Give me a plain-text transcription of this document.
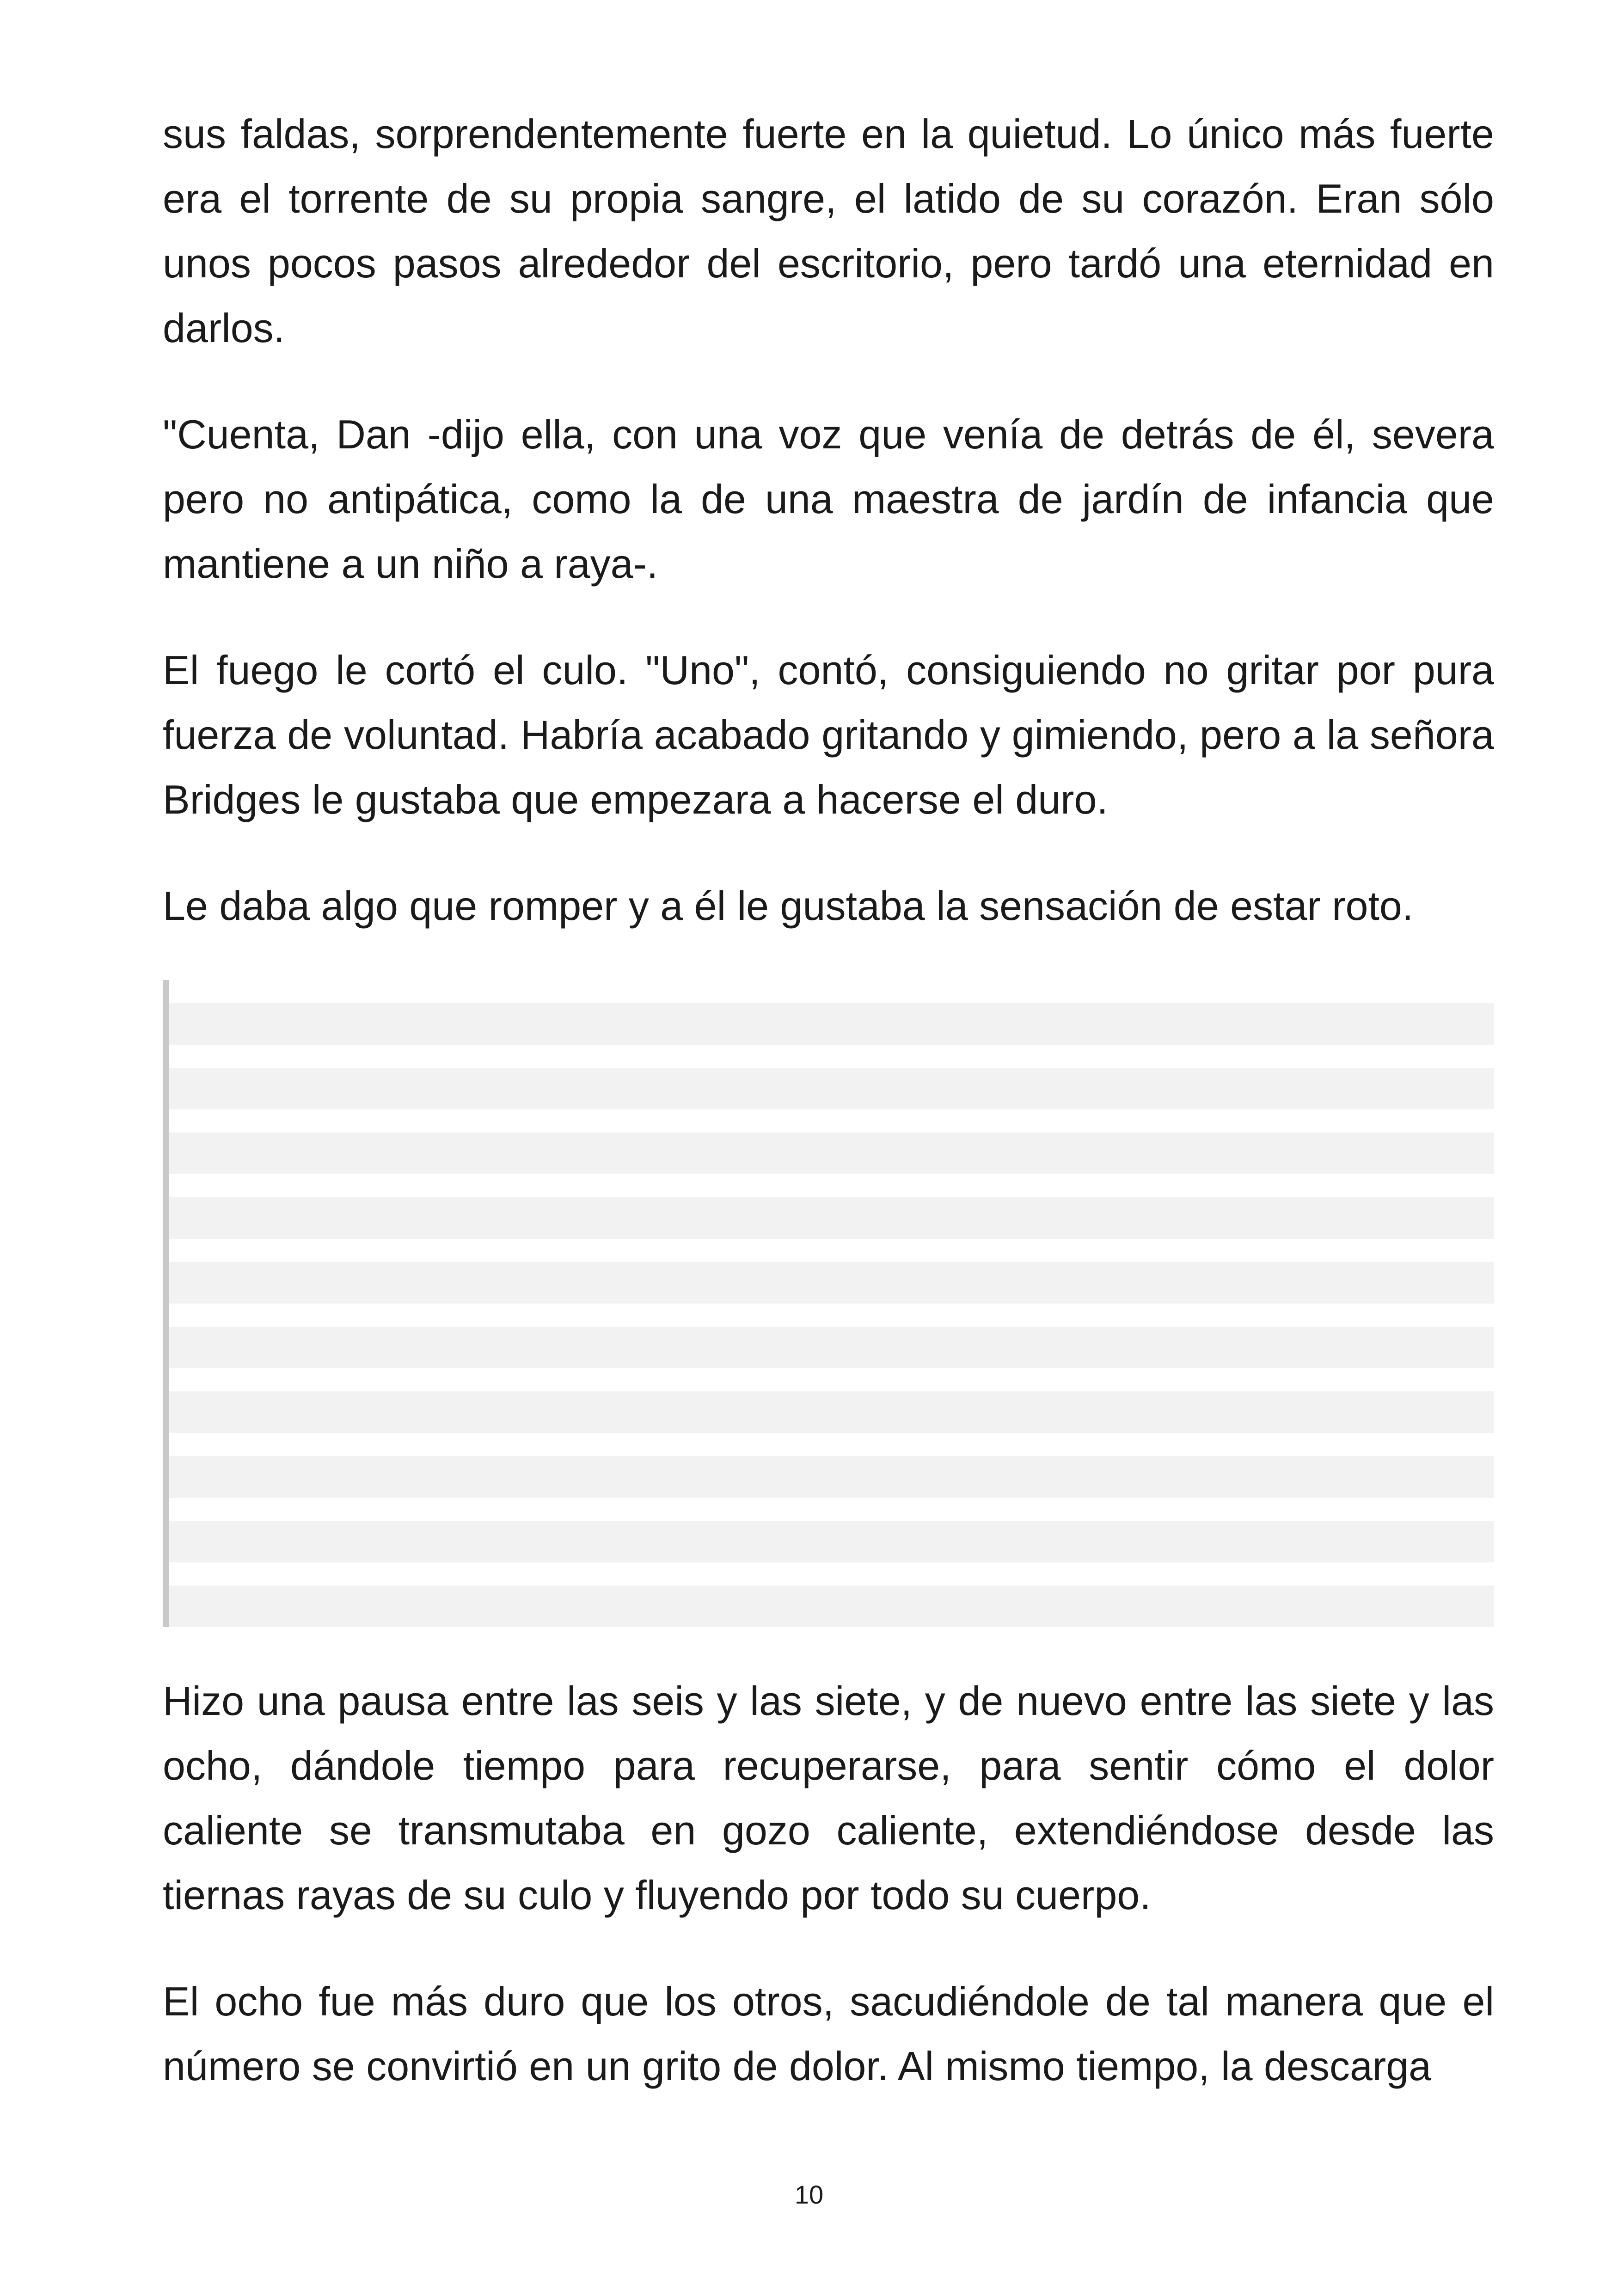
sus faldas, sorprendentemente fuerte en la quietud. Lo único más fuerte era el torrente de su propia sangre, el latido de su corazón. Eran sólo unos pocos pasos alrededor del escritorio, pero tardó una eternidad en darlos.

"Cuenta, Dan -dijo ella, con una voz que venía de detrás de él, severa pero no antipática, como la de una maestra de jardín de infancia que mantiene a un niño a raya-.

El fuego le cortó el culo. "Uno", contó, consiguiendo no gritar por pura fuerza de voluntad. Habría acabado gritando y gimiendo, pero a la señora Bridges le gustaba que empezara a hacerse el duro.

Le daba algo que romper y a él le gustaba la sensación de estar roto.

Hizo una pausa entre las seis y las siete, y de nuevo entre las siete y las ocho, dándole tiempo para recuperarse, para sentir cómo el dolor caliente se transmutaba en gozo caliente, extendiéndose desde las tiernas rayas de su culo y fluyendo por todo su cuerpo.

El ocho fue más duro que los otros, sacudiéndole de tal manera que el número se convirtió en un grito de dolor. Al mismo tiempo, la descarga

10
